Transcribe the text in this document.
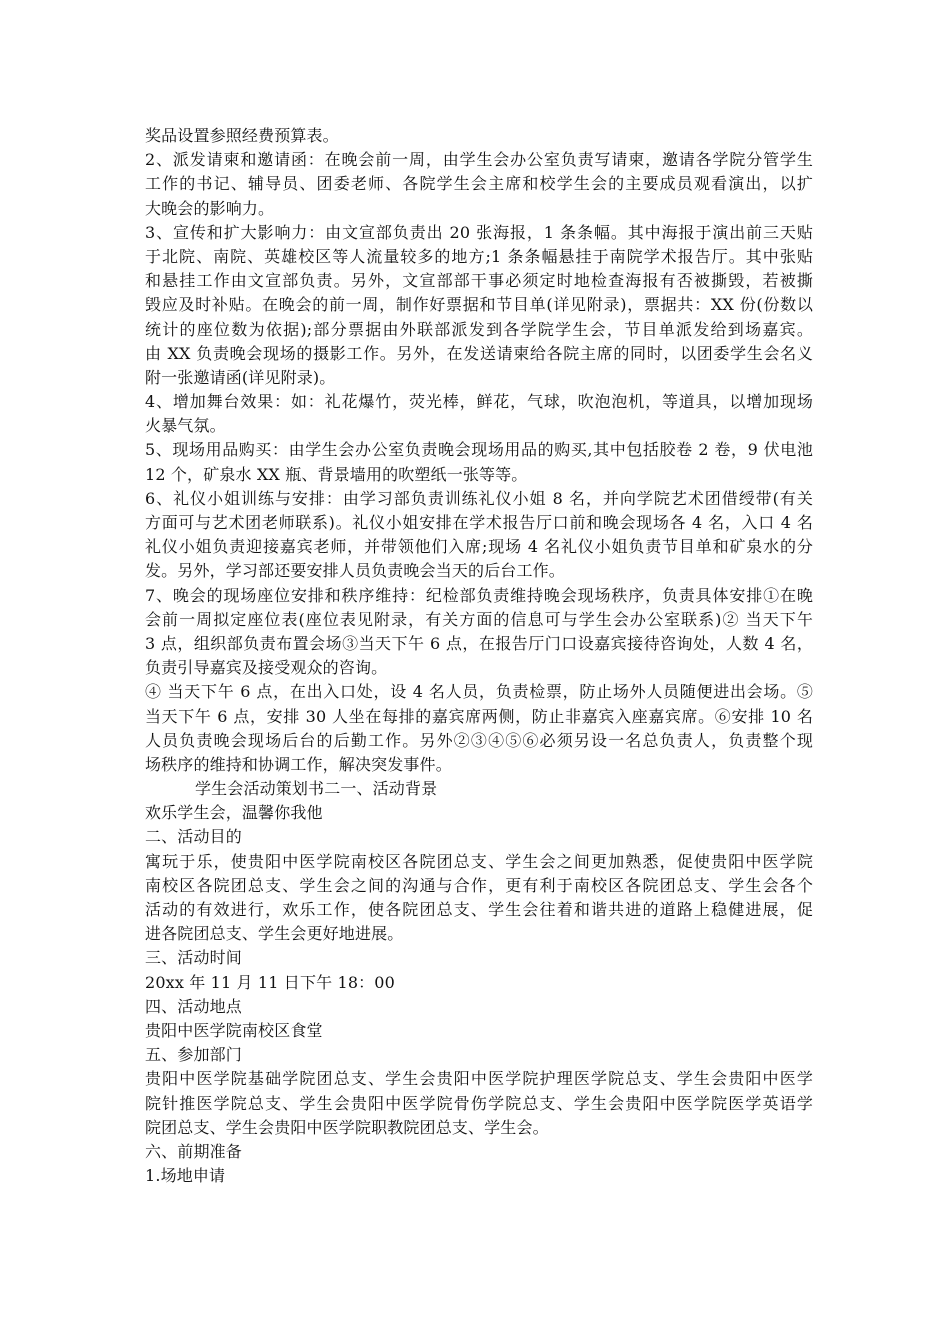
奖品设置参照经费预算表。
2、派发请柬和邀请函：在晚会前一周，由学生会办公室负责写请柬，邀请各学院分管学生
工作的书记、辅导员、团委老师、各院学生会主席和校学生会的主要成员观看演出，以扩
大晚会的影响力。
3、宣传和扩大影响力：由文宣部负责出 20 张海报，1 条条幅。其中海报于演出前三天贴
于北院、南院、英雄校区等人流量较多的地方;1 条条幅悬挂于南院学术报告厅。其中张贴
和悬挂工作由文宣部负责。另外，文宣部部干事必须定时地检查海报有否被撕毁，若被撕
毁应及时补贴。在晚会的前一周，制作好票据和节目单(详见附录)，票据共：XX 份(份数以
统计的座位数为依据);部分票据由外联部派发到各学院学生会，节目单派发给到场嘉宾。
由 XX 负责晚会现场的摄影工作。另外，在发送请柬给各院主席的同时，以团委学生会名义
附一张邀请函(详见附录)。
4、增加舞台效果：如：礼花爆竹，荧光棒，鲜花，气球，吹泡泡机，等道具，以增加现场
火暴气氛。
5、现场用品购买：由学生会办公室负责晚会现场用品的购买,其中包括胶卷 2 卷，9 伏电池
12 个，矿泉水 XX 瓶、背景墙用的吹塑纸一张等等。
6、礼仪小姐训练与安排：由学习部负责训练礼仪小姐 8 名，并向学院艺术团借绶带(有关
方面可与艺术团老师联系)。礼仪小姐安排在学术报告厅口前和晚会现场各 4 名，入口 4 名
礼仪小姐负责迎接嘉宾老师，并带领他们入席;现场 4 名礼仪小姐负责节目单和矿泉水的分
发。另外，学习部还要安排人员负责晚会当天的后台工作。
7、晚会的现场座位安排和秩序维持：纪检部负责维持晚会现场秩序，负责具体安排①在晚
会前一周拟定座位表(座位表见附录，有关方面的信息可与学生会办公室联系)② 当天下午
3 点，组织部负责布置会场③当天下午 6 点，在报告厅门口设嘉宾接待咨询处，人数 4 名，
负责引导嘉宾及接受观众的咨询。
④ 当天下午 6 点，在出入口处，设 4 名人员，负责检票，防止场外人员随便进出会场。⑤
当天下午 6 点，安排 30 人坐在每排的嘉宾席两侧，防止非嘉宾入座嘉宾席。⑥安排 10 名
人员负责晚会现场后台的后勤工作。另外②③④⑤⑥必须另设一名总负责人，负责整个现
场秩序的维持和协调工作，解决突发事件。
学生会活动策划书二一、活动背景
欢乐学生会，温馨你我他
二、活动目的
寓玩于乐，使贵阳中医学院南校区各院团总支、学生会之间更加熟悉，促使贵阳中医学院
南校区各院团总支、学生会之间的沟通与合作，更有利于南校区各院团总支、学生会各个
活动的有效进行，欢乐工作，使各院团总支、学生会往着和谐共进的道路上稳健进展，促
进各院团总支、学生会更好地进展。
三、活动时间
20xx 年 11 月 11 日下午 18：00
四、活动地点
贵阳中医学院南校区食堂
五、参加部门
贵阳中医学院基础学院团总支、学生会贵阳中医学院护理医学院总支、学生会贵阳中医学
院针推医学院总支、学生会贵阳中医学院骨伤学院总支、学生会贵阳中医学院医学英语学
院团总支、学生会贵阳中医学院职教院团总支、学生会。
六、前期准备
1.场地申请
